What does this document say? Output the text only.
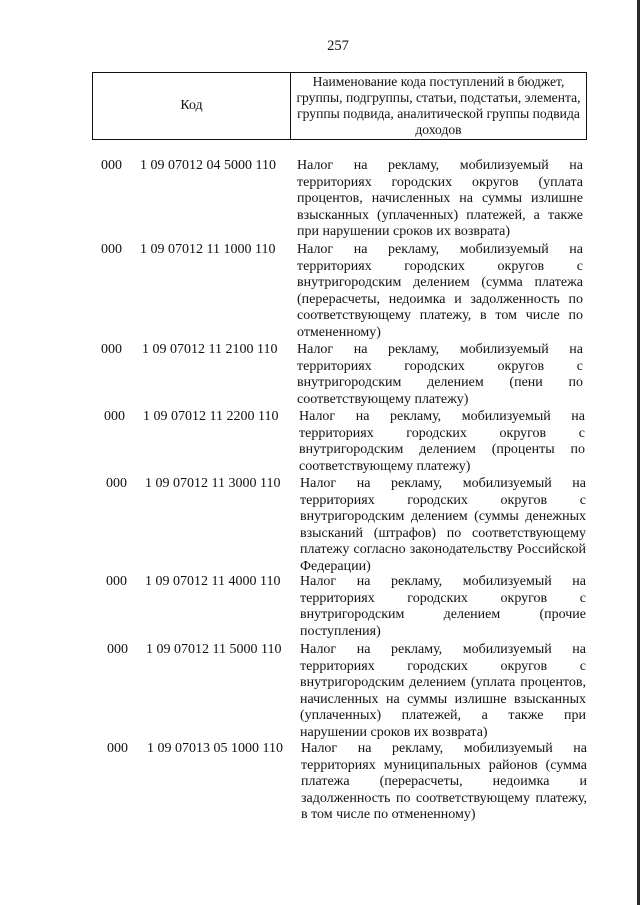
257
Код
Наименование кода поступлений в бюджет, группы, подгруппы, статьи, подстатьи, элемента, группы подвида, аналитической группы подвида доходов
000	1 09 07012 04 5000 110 Налог на рекламу, мобилизуемый на территориях городских округов (уплата процентов, начисленных на суммы излишне взысканных (уплаченных) платежей, а также при нарушении сроков их возврата)
000	1 09 07012 11 1000 110 Налог на рекламу, мобилизуемый на территориях городских округов с внутригородским делением (сумма платежа (перерасчеты, недоимка и задолженность по соответствующему платежу, в том числе по отмененному)
000	1 09 07012 11 2100 110 Налог на рекламу, мобилизуемый на территориях городских округов с внутригородским делением (пени по соответствующему платежу)
000	1 09 07012 11 2200 110 Налог на рекламу, мобилизуемый на территориях городских округов с внутригородским делением (проценты по соответствующему платежу)
000	1 09 07012 11 3000 110 Налог на рекламу, мобилизуемый на территориях городских округов с внутригородским делением (суммы денежных взысканий (штрафов) по соответствующему платежу согласно законодательству Российской Федерации)
000	1 09 07012 11 4000 110 Налог на рекламу, мобилизуемый на территориях городских округов с внутригородским делением (прочие поступления)
000	1 09 07012 11 5000 110 Налог на рекламу, мобилизуемый на территориях городских округов с внутригородским делением (уплата процентов, начисленных на суммы излишне взысканных (уплаченных) платежей, а также при нарушении сроков их возврата)
000	1 09 07013 05 1000 110 Налог на рекламу, мобилизуемый на территориях муниципальных районов (сумма платежа (перерасчеты, недоимка и задолженность по соответствующему платежу, в том числе по отмененному)
